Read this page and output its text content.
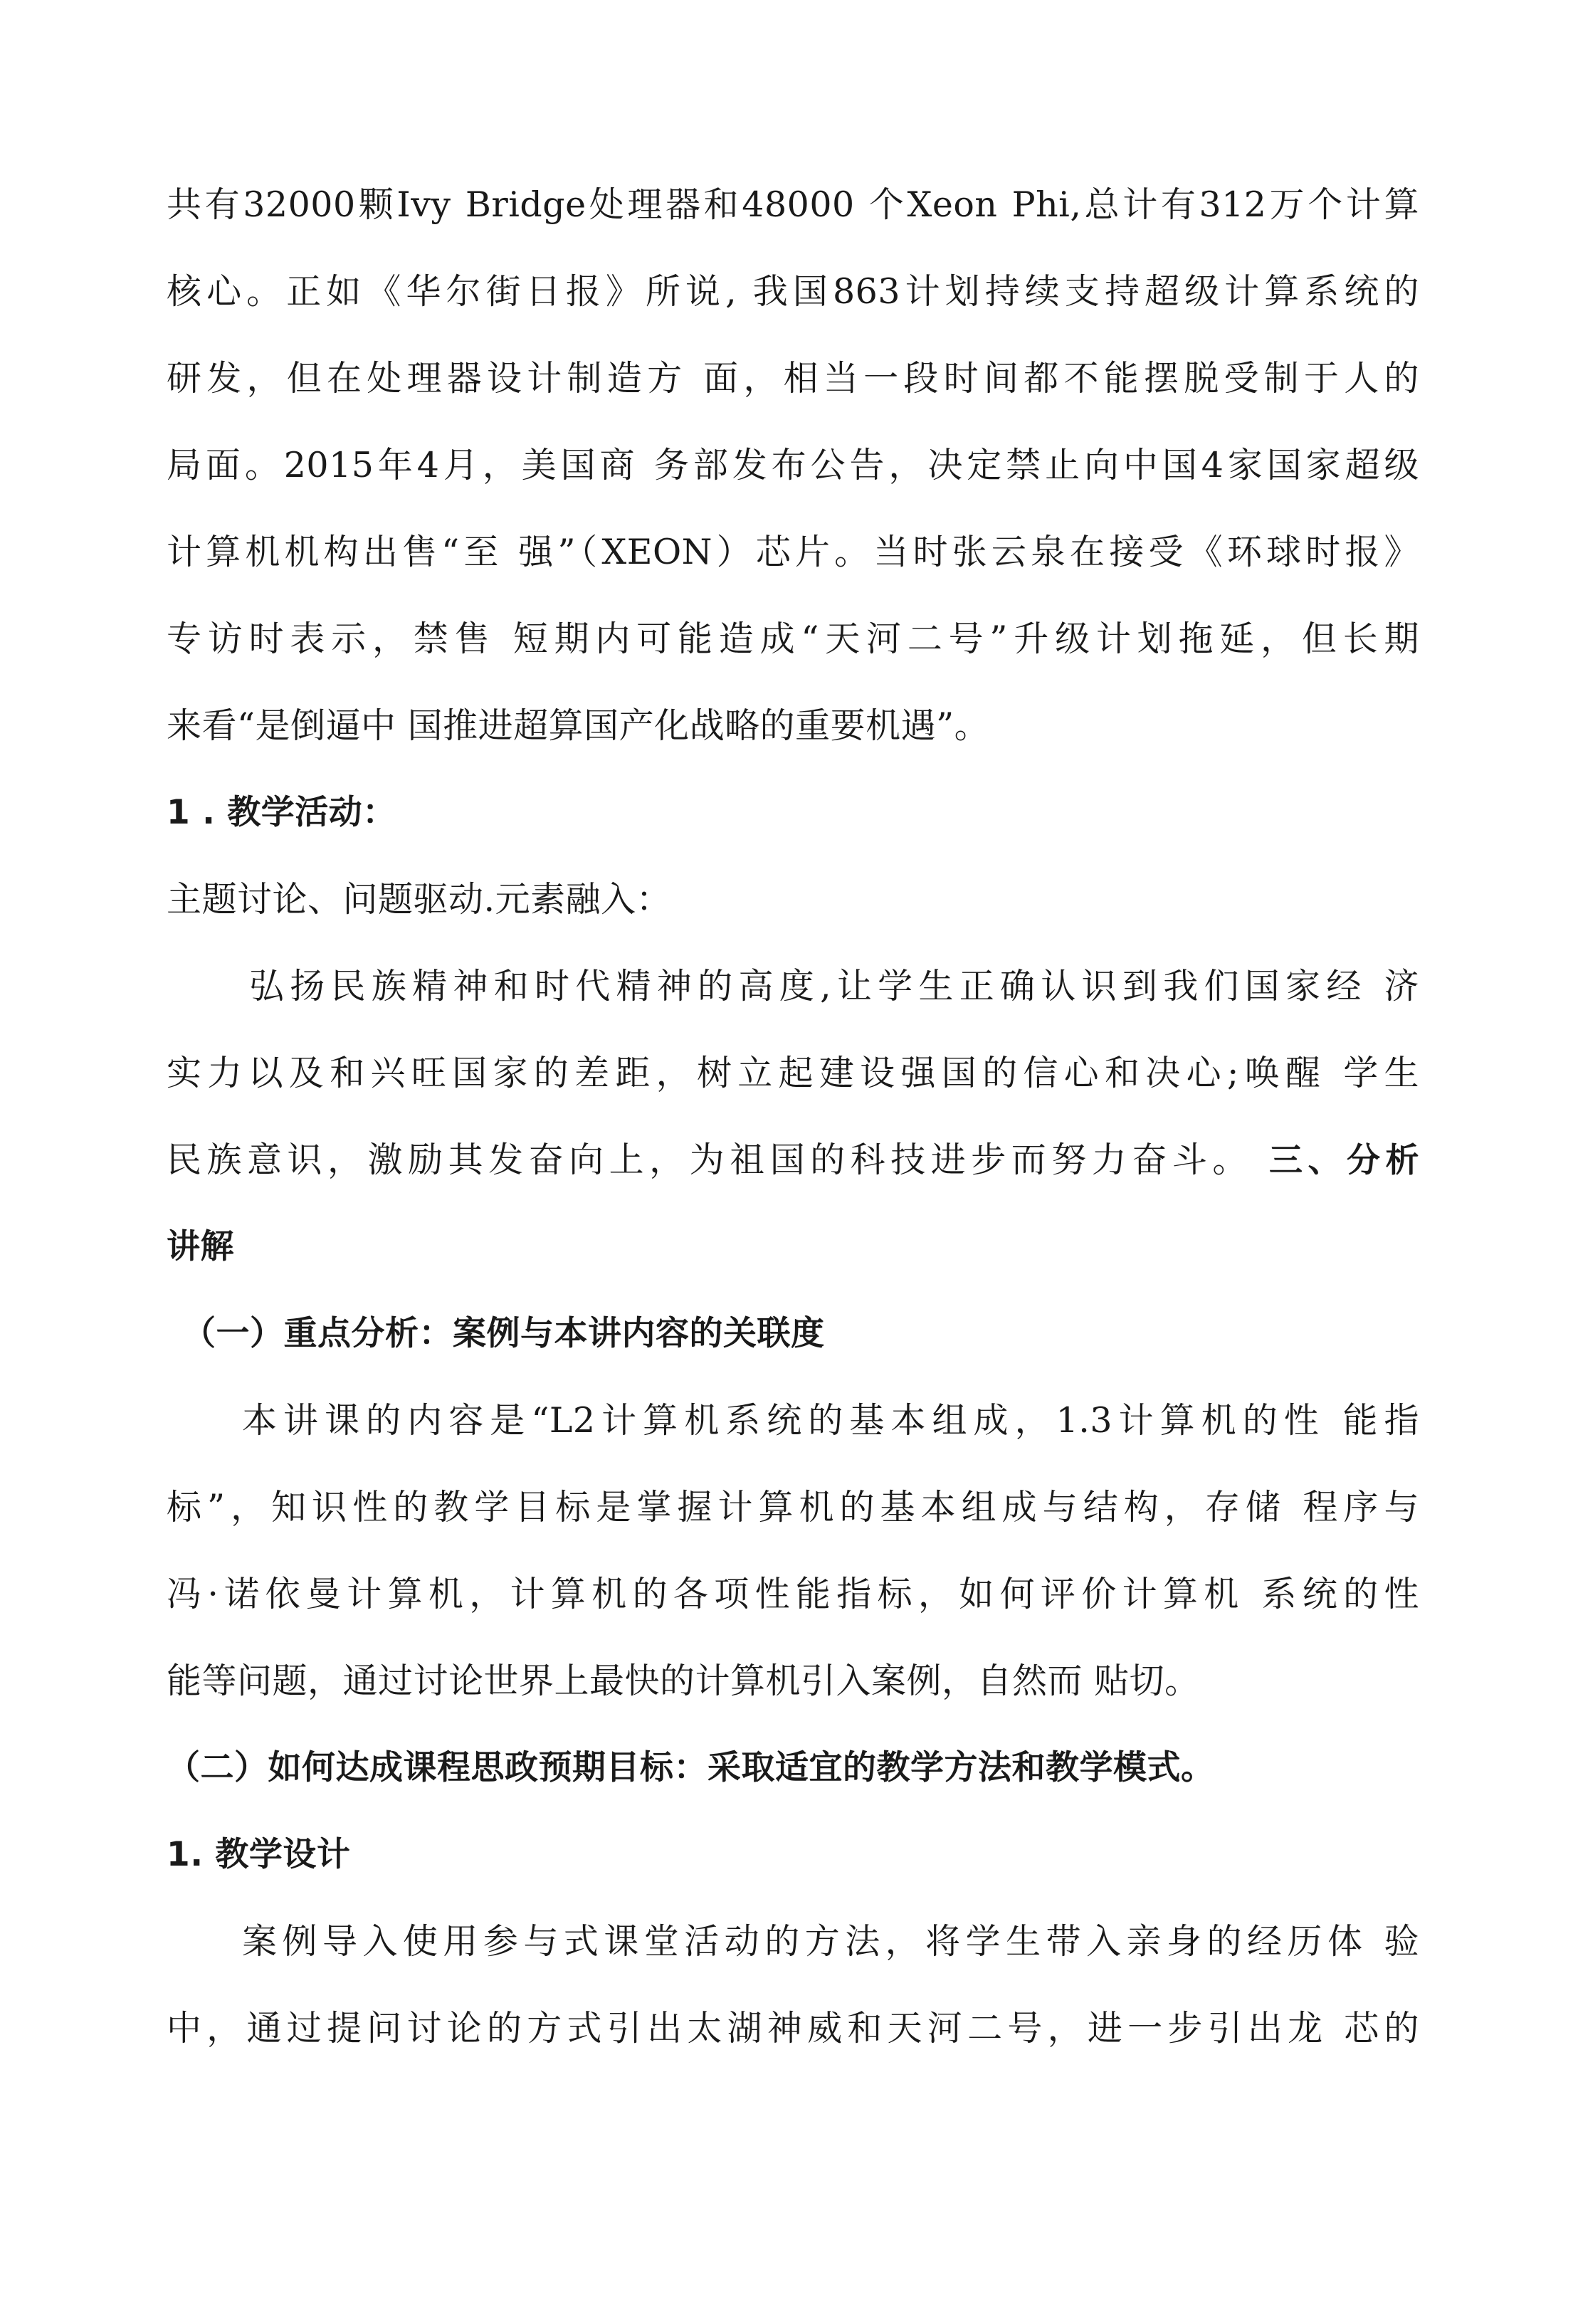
共有32000颗Ivy Bridge处理器和48000 个Xeon Phi,总计有312万个计算
核心。正如《华尔街日报》所说, 我国863计划持续支持超级计算系统的
研发，但在处理器设计制造方 面，相当一段时间都不能摆脱受制于人的
局面。2015年4月，美国商 务部发布公告，决定禁止向中国4家国家超级
计算机机构出售“至 强”（XEON）芯片。当时张云泉在接受《环球时报》
专访时表示，禁售 短期内可能造成“天河二号”升级计划拖延，但长期
来看“是倒逼中 国推进超算国产化战略的重要机遇”。
1 . 教学活动：
主题讨论、问题驱动.元素融入：
弘扬民族精神和时代精神的高度,让学生正确认识到我们国家经 济
实力以及和兴旺国家的差距，树立起建设强国的信心和决心;唤醒 学生
民族意识，激励其发奋向上，为祖国的科技进步而努力奋斗。 三、分析
讲解
（一）重点分析：案例与本讲内容的关联度
本讲课的内容是“L2计算机系统的基本组成，1.3计算机的性 能指
标”，知识性的教学目标是掌握计算机的基本组成与结构，存储 程序与
冯·诺依曼计算机，计算机的各项性能指标，如何评价计算机 系统的性
能等问题，通过讨论世界上最快的计算机引入案例，自然而 贴切。
（二）如何达成课程思政预期目标：采取适宜的教学方法和教学模式。
1. 教学设计
案例导入使用参与式课堂活动的方法，将学生带入亲身的经历体 验
中，通过提问讨论的方式引出太湖神威和天河二号，进一步引出龙 芯的
